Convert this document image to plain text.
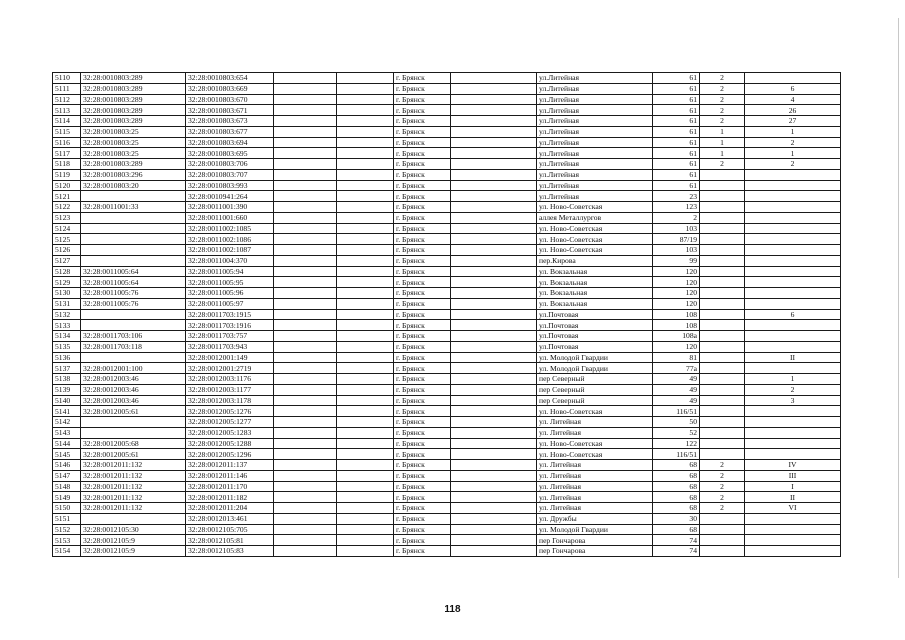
5110	32:28:0010803:289	32:28:0010803:654			г. Брянск		ул.Литейная	61	2	
5111	32:28:0010803:289	32:28:0010803:669			г. Брянск		ул.Литейная	61	2	6
5112	32:28:0010803:289	32:28:0010803:670			г. Брянск		ул.Литейная	61	2	4
5113	32:28:0010803:289	32:28:0010803:671			г. Брянск		ул.Литейная	61	2	26
5114	32:28:0010803:289	32:28:0010803:673			г. Брянск		ул.Литейная	61	2	27
5115	32:28:0010803:25	32:28:0010803:677			г. Брянск		ул.Литейная	61	1	1
5116	32:28:0010803:25	32:28:0010803:694			г. Брянск		ул.Литейная	61	1	2
5117	32:28:0010803:25	32:28:0010803:695			г. Брянск		ул.Литейная	61	1	1
5118	32:28:0010803:289	32:28:0010803:706			г. Брянск		ул.Литейная	61	2	2
5119	32:28:0010803:296	32:28:0010803:707			г. Брянск		ул.Литейная	61		
5120	32:28:0010803:20	32:28:0010803:993			г. Брянск		ул.Литейная	61		
5121		32:28:0010941:264			г. Брянск		ул.Литейная	23		
5122	32:28:0011001:33	32:28:0011001:390			г. Брянск		ул. Ново-Советская	123		
5123		32:28:0011001:660			г. Брянск		аллея Металлургов	2		
5124		32:28:0011002:1085			г. Брянск		ул. Ново-Советская	103		
5125		32:28:0011002:1086			г. Брянск		ул. Ново-Советская	87/19		
5126		32:28:0011002:1087			г. Брянск		ул. Ново-Советская	103		
5127		32:28:0011004:370			г. Брянск		пер.Кирова	99		
5128	32:28:0011005:64	32:28:0011005:94			г. Брянск		ул. Вокзальная	120		
5129	32:28:0011005:64	32:28:0011005:95			г. Брянск		ул. Вокзальная	120		
5130	32:28:0011005:76	32:28:0011005:96			г. Брянск		ул. Вокзальная	120		
5131	32:28:0011005:76	32:28:0011005:97			г. Брянск		ул. Вокзальная	120		
5132		32:28:0011703:1915			г. Брянск		ул.Почтовая	108		6
5133		32:28:0011703:1916			г. Брянск		ул.Почтовая	108		
5134	32:28:0011703:106	32:28:0011703:757			г. Брянск		ул.Почтовая	108а		
5135	32:28:0011703:118	32:28:0011703:943			г. Брянск		ул.Почтовая	120		
5136		32:28:0012001:149			г. Брянск		ул. Молодой Гвардии	81		II
5137	32:28:0012001:100	32:28:0012001:2719			г. Брянск		ул. Молодой Гвардии	77а		
5138	32:28:0012003:46	32:28:0012003:1176			г. Брянск		пер Северный	49		1
5139	32:28:0012003:46	32:28:0012003:1177			г. Брянск		пер Северный	49		2
5140	32:28:0012003:46	32:28:0012003:1178			г. Брянск		пер Северный	49		3
5141	32:28:0012005:61	32:28:0012005:1276			г. Брянск		ул. Ново-Советская	116/51		
5142		32:28:0012005:1277			г. Брянск		ул. Литейная	50		
5143		32:28:0012005:1283			г. Брянск		ул. Литейная	52		
5144	32:28:0012005:68	32:28:0012005:1288			г. Брянск		ул. Ново-Советская	122		
5145	32:28:0012005:61	32:28:0012005:1296			г. Брянск		ул. Ново-Советская	116/51		
5146	32:28:0012011:132	32:28:0012011:137			г. Брянск		ул. Литейная	68	2	IV
5147	32:28:0012011:132	32:28:0012011:146			г. Брянск		ул. Литейная	68	2	III
5148	32:28:0012011:132	32:28:0012011:170			г. Брянск		ул. Литейная	68	2	I
5149	32:28:0012011:132	32:28:0012011:182			г. Брянск		ул. Литейная	68	2	II
5150	32:28:0012011:132	32:28:0012011:204			г. Брянск		ул. Литейная	68	2	VI
5151		32:28:0012013:461			г. Брянск		ул. Дружбы	30		
5152	32:28:0012105:30	32:28:0012105:705			г. Брянск		ул. Молодой Гвардии	68		
5153	32:28:0012105:9	32:28:0012105:81			г. Брянск		пер Гончарова	74		
5154	32:28:0012105:9	32:28:0012105:83			г. Брянск		пер Гончарова	74		
118
